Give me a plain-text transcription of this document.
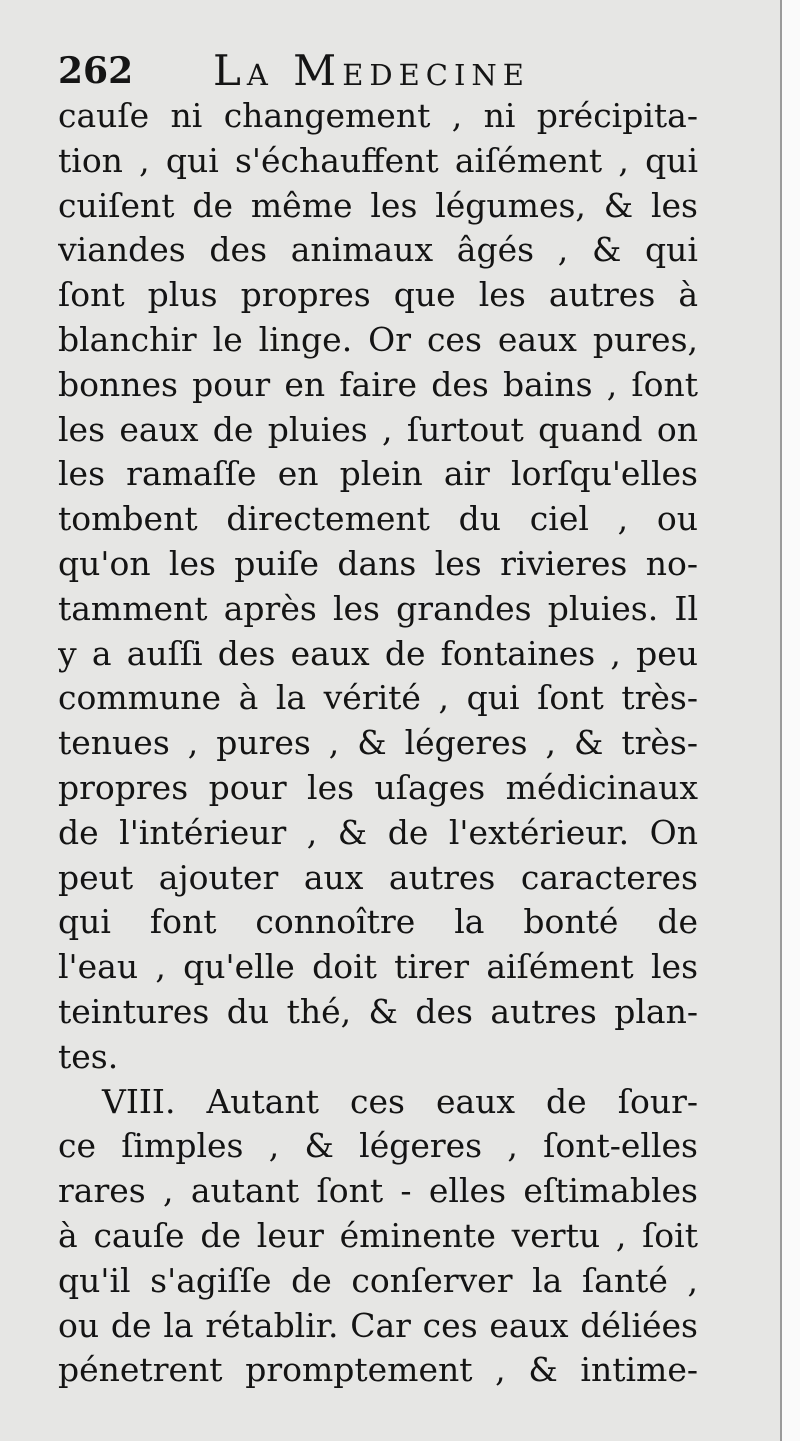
262 La Medecine
cauſe ni changement , ni précipita-
tion , qui s'échauffent aiſément , qui
cuiſent de même les légumes, & les
viandes des animaux âgés , & qui
ſont plus propres que les autres à
blanchir le linge. Or ces eaux pures,
bonnes pour en faire des bains , ſont
les eaux de pluies , ſurtout quand on
les ramaſſe en plein air lorſqu'elles
tombent directement du ciel , ou
qu'on les puiſe dans les rivieres no-
tamment après les grandes pluies. Il
y a auſſi des eaux de fontaines , peu
commune à la vérité , qui ſont très-
tenues , pures , & légeres , & très-
propres pour les uſages médicinaux
de l'intérieur , & de l'extérieur. On
peut ajouter aux autres caracteres
qui font connoître la bonté de
l'eau , qu'elle doit tirer aiſément les
teintures du thé, & des autres plan-
tes.
VIII. Autant ces eaux de ſour-
ce ſimples , & légeres , ſont-elles
rares , autant ſont - elles eſtimables
à cauſe de leur éminente vertu , ſoit
qu'il s'agiſſe de conſerver la ſanté ,
ou de la rétablir. Car ces eaux déliées
pénetrent promptement , & intime-
